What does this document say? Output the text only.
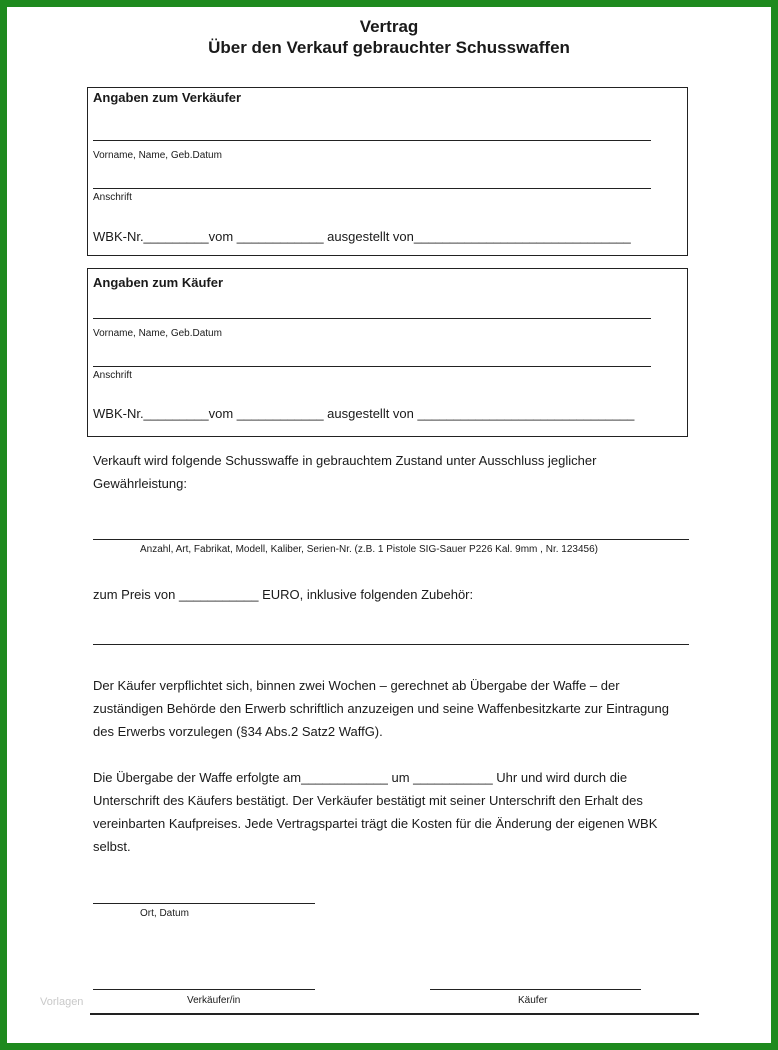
Vertrag
Über den Verkauf gebrauchter Schusswaffen
Angaben zum Verkäufer
Vorname, Name, Geb.Datum
Anschrift
WBK-Nr._________vom ____________ ausgestellt von______________________________
Angaben zum Käufer
Vorname, Name, Geb.Datum
Anschrift
WBK-Nr._________vom ____________ ausgestellt von ______________________________
Verkauft wird folgende Schusswaffe in gebrauchtem Zustand unter Ausschluss jeglicher
Gewährleistung:
Anzahl, Art, Fabrikat, Modell, Kaliber, Serien-Nr. (z.B. 1 Pistole SIG-Sauer P226 Kal. 9mm , Nr. 123456)
zum Preis von ___________ EURO, inklusive folgenden Zubehör:
Der Käufer verpflichtet sich, binnen zwei Wochen – gerechnet ab Übergabe der Waffe – der
zuständigen Behörde den Erwerb schriftlich anzuzeigen und seine Waffenbesitzkarte zur Eintragung
des Erwerbs vorzulegen (§34 Abs.2 Satz2 WaffG).
Die Übergabe der Waffe erfolgte am____________ um ___________ Uhr und wird durch die
Unterschrift des Käufers bestätigt. Der Verkäufer bestätigt mit seiner Unterschrift den Erhalt des
vereinbarten Kaufpreises. Jede Vertragspartei trägt die Kosten für die Änderung der eigenen WBK
selbst.
Ort, Datum
Verkäufer/in	Käufer
Vorlagen
